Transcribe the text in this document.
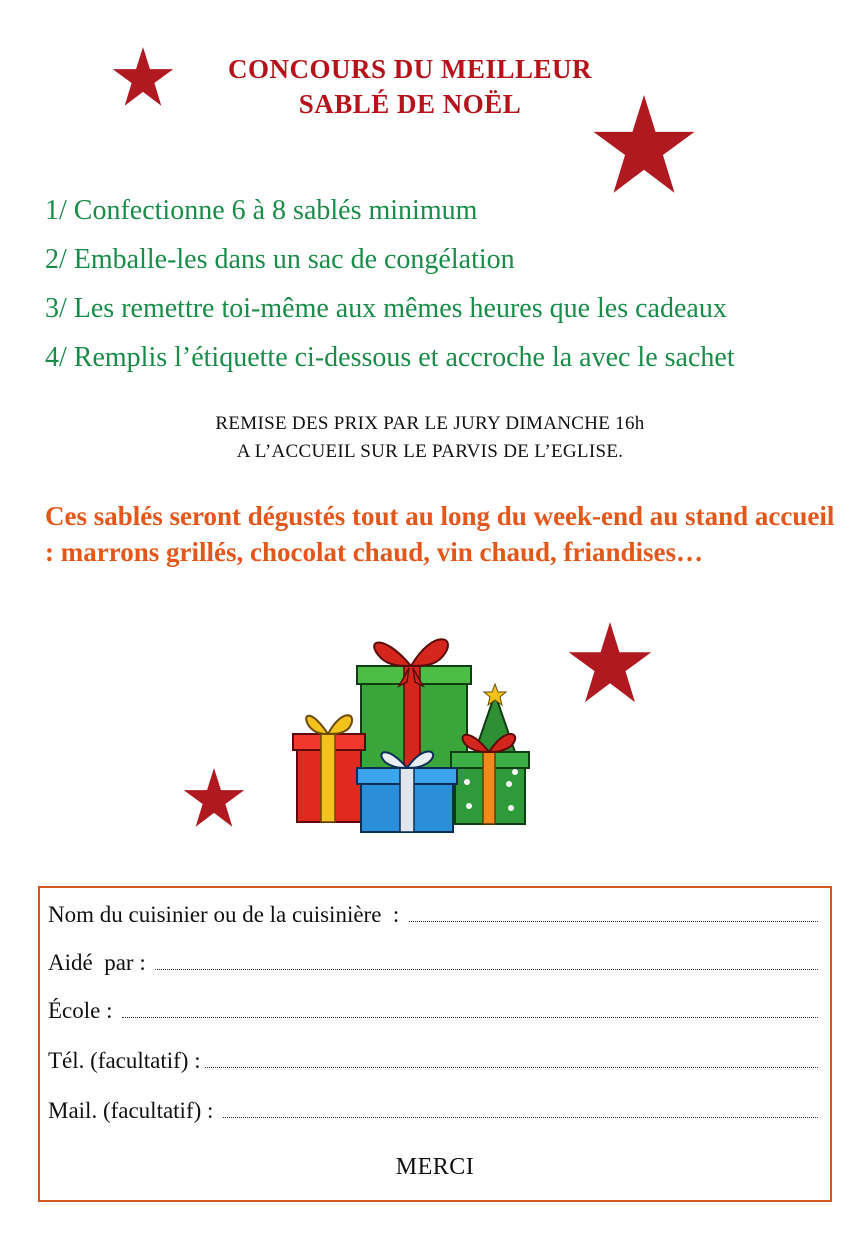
CONCOURS DU MEILLEUR
SABLÉ DE NOËL
1/ Confectionne 6 à 8 sablés minimum
2/ Emballe-les dans un sac de congélation
3/ Les remettre toi-même aux mêmes heures que les cadeaux
4/ Remplis l’étiquette ci-dessous et accroche la avec le sachet
REMISE DES PRIX PAR LE JURY DIMANCHE 16h
A L’ACCUEIL SUR LE PARVIS DE L’EGLISE.
Ces sablés seront dégustés tout au long du week-end au stand accueil : marrons grillés, chocolat chaud, vin chaud, friandises…
Nom du cuisinier ou de la cuisinière  :
Aidé  par :
École :
Tél. (facultatif) :
Mail. (facultatif) :
MERCI
